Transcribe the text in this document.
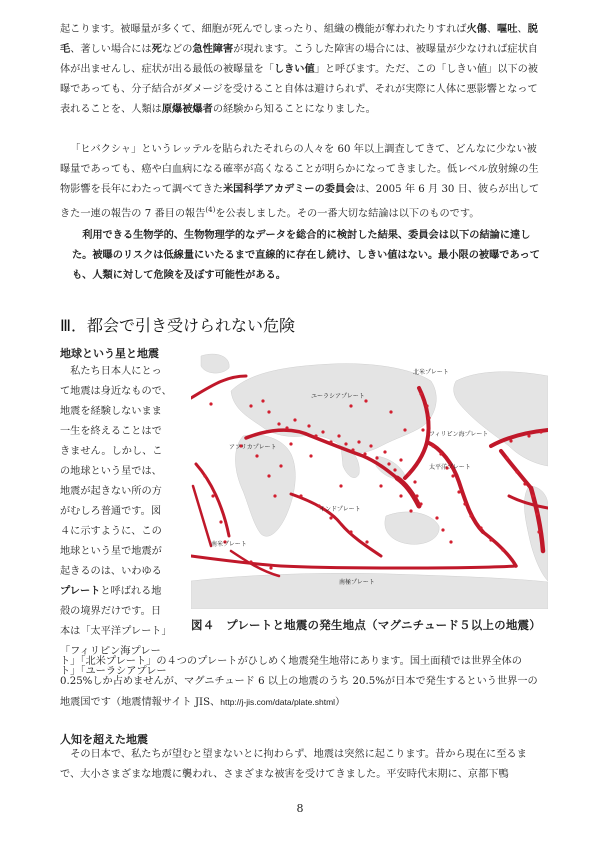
起こります。被曝量が多くて、細胞が死んでしまったり、組織の機能が奪われたりすれば火傷、嘔吐、脱毛、著しい場合には死などの急性障害が現れます。こうした障害の場合には、被曝量が少なければ症状自体が出ませんし、症状が出る最低の被曝量を「しきい値」と呼びます。ただ、この「しきい値」以下の被曝であっても、分子結合がダメージを受けること自体は避けられず、それが実際に人体に悪影響となって表れることを、人類は原爆被爆者の経験から知ることになりました。

「ヒバクシャ」というレッテルを貼られたそれらの人々を 60 年以上調査してきて、どんなに少ない被曝量であっても、癌や白血病になる確率が高くなることが明らかになってきました。低レベル放射線の生物影響を長年にわたって調べてきた米国科学アカデミーの委員会は、2005 年 6 月 30 日、彼らが出してきた一連の報告の 7 番目の報告$^{(4)}$を公表しました。その一番大切な結論は以下のものです。

利用できる生物学的、生物物理学的なデータを総合的に検討した結果、委員会は以下の結論に達した。被曝のリスクは低線量にいたるまで直線的に存在し続け、しきい値はない。最小限の被曝であっても、人類に対して危険を及ぼす可能性がある。

Ⅲ．都会で引き受けられない危険
地球という星と地震
私たち日本人にとっ
て地震は身近なもので、
地震を経験しないまま
一生を終えることはで
きません。しかし、こ
の地球という星では、
地震が起きない所の方
がむしろ普通です。図
４に示すように、この
地球という星で地震が
起きるのは、いわゆる
プレートと呼ばれる地
殻の境界だけです。日
本は「太平洋プレート」
「フィリピン海プレー
ト」「ユーラシアプレー
北米プレート
ユーラシアプレート
アフリカプレート
フィリピン海プレート
太平洋プレート
インドプレート
南米プレート
南極プレート
図４　プレートと地震の発生地点（マグニチュード５以上の地震）

ト」「北米プレート」の４つのプレートがひしめく地震発生地帯にあります。国土面積では世界全体の 0.25%しか占めませんが、マグニチュード 6 以上の地震のうち 20.5%が日本で発生するという世界一の地震国です（地震情報サイト JIS、http://j-jis.com/data/plate.shtml）

人知を超えた地震

その日本で、私たちが望むと望まないとに拘わらず、地震は突然に起こります。昔から現在に至るまで、大小さまざまな地震に襲われ、さまざまな被害を受けてきました。平安時代末期に、京都下鴨

8
